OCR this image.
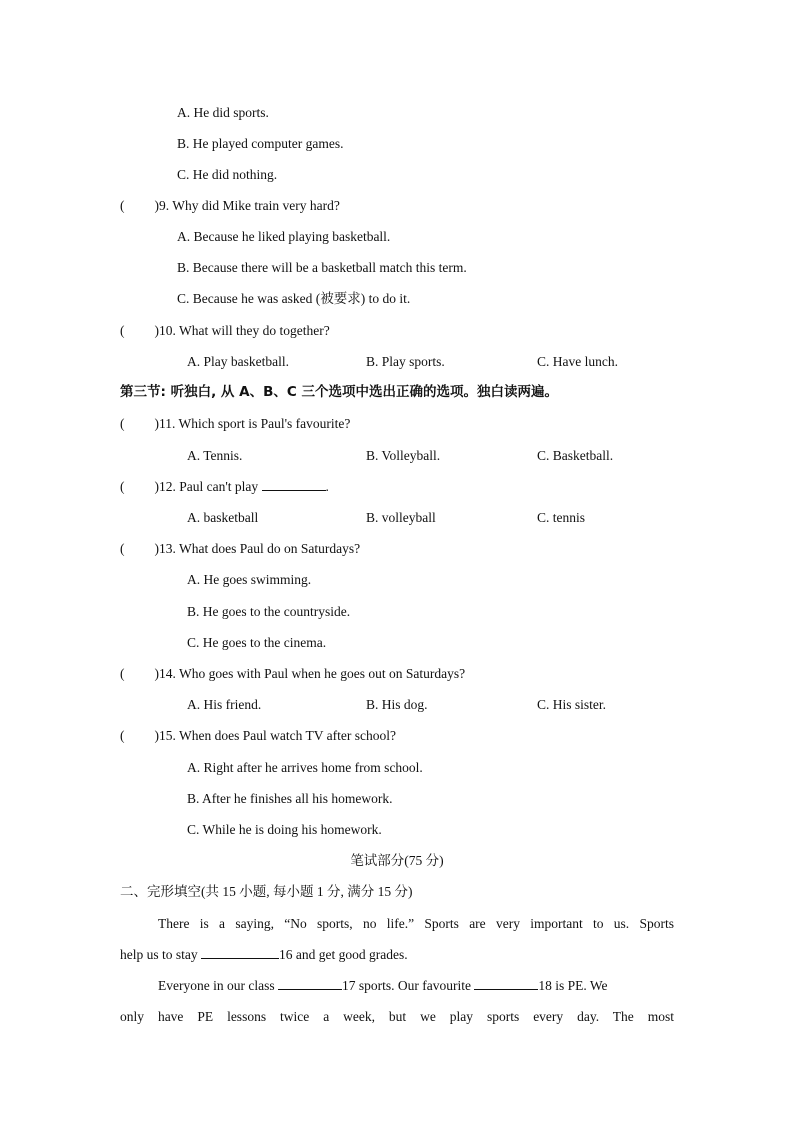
A. He did sports.
B. He played computer games.
C. He did nothing.
( )9. Why did Mike train very hard?
A. Because he liked playing basketball.
B. Because there will be a basketball match this term.
C. Because he was asked (被要求) to do it.
( )10. What will they do together?
A. Play basketball.	B. Play sports.	C. Have lunch.
第三节: 听独白, 从 A、B、C 三个选项中选出正确的选项。独白读两遍。
( )11. Which sport is Paul's favourite?
A. Tennis.	B. Volleyball.	C. Basketball.
( )12. Paul can't play	.
A. basketball	B. volleyball	C. tennis
( )13. What does Paul do on Saturdays?
A. He goes swimming.
B. He goes to the countryside.
C. He goes to the cinema.
( )14. Who goes with Paul when he goes out on Saturdays?
A. His friend.	B. His dog.	C. His sister.
( )15. When does Paul watch TV after school?
A. Right after he arrives home from school.
B. After he finishes all his homework.
C. While he is doing his homework.
笔试部分(75 分)
二、完形填空(共 15 小题, 每小题 1 分, 满分 15 分)
There is a saying, “No sports, no life.” Sports are very important to us. Sports
help us to stay	16 and get good grades.
Everyone in our class	17 sports. Our favourite	18 is PE. We
only have PE lessons twice a week, but we play sports every day. The most
